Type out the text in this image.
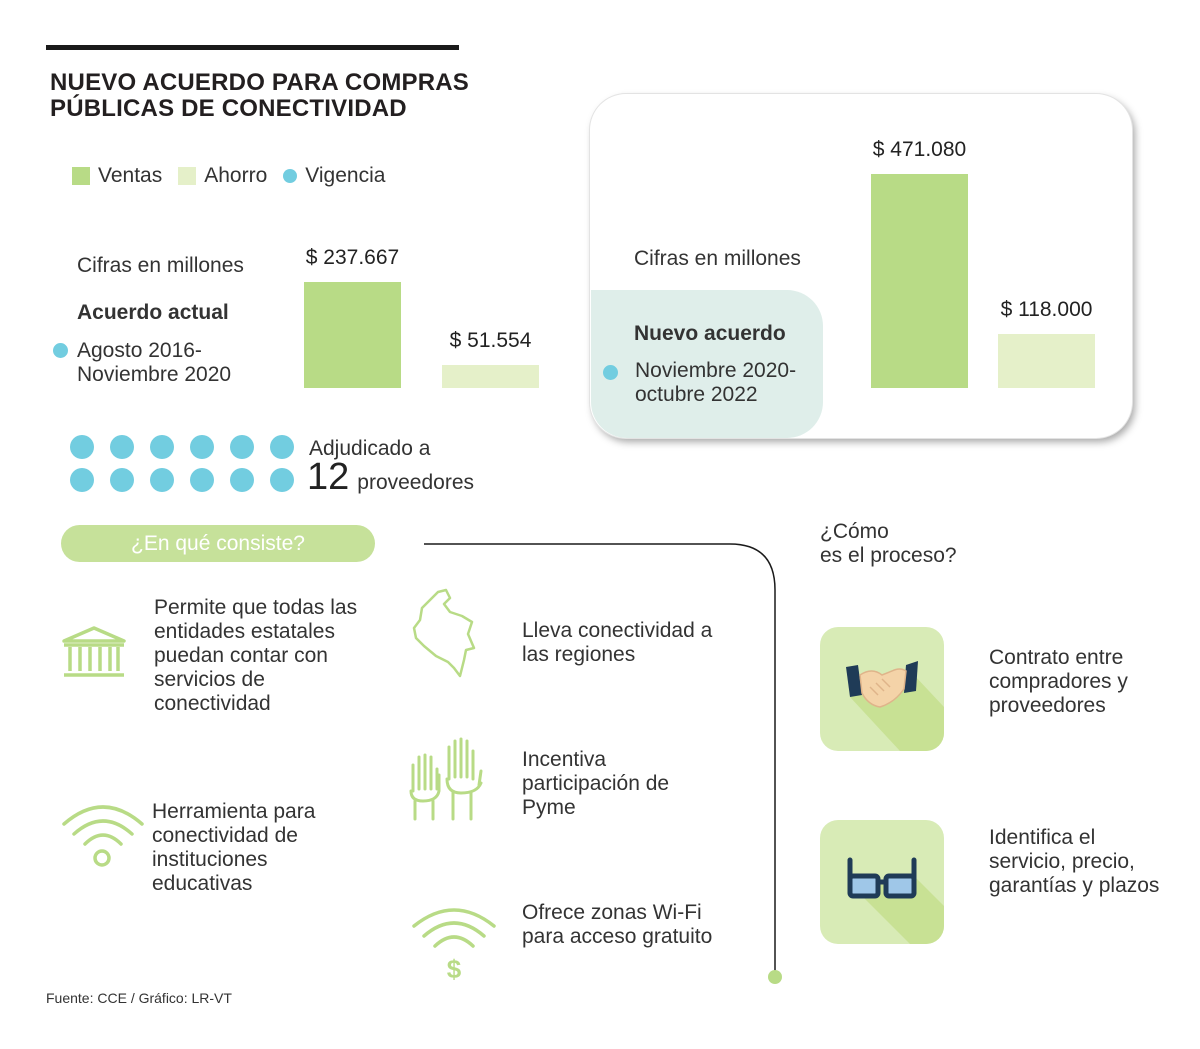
NUEVO ACUERDO PARA COMPRAS
PÚBLICAS DE CONECTIVIDAD
Ventas Ahorro Vigencia
Cifras en millones
Acuerdo actual
Agosto 2016-
Noviembre 2020
$ 237.667
$ 51.554
Cifras en millones
Nuevo acuerdo
Noviembre 2020-
octubre 2022
$ 471.080
$ 118.000
Adjudicado a
12 proveedores
¿En qué consiste?
Permite que todas las entidades estatales puedan contar con servicios de conectividad
Herramienta para conectividad de instituciones educativas
Lleva conectividad a las regiones
Incentiva participación de Pyme
$
Ofrece zonas Wi-Fi para acceso gratuito
¿Cómo
es el proceso?
Contrato entre compradores y proveedores
Identifica el servicio, precio, garantías y plazos
Fuente: CCE / Gráfico: LR-VT
